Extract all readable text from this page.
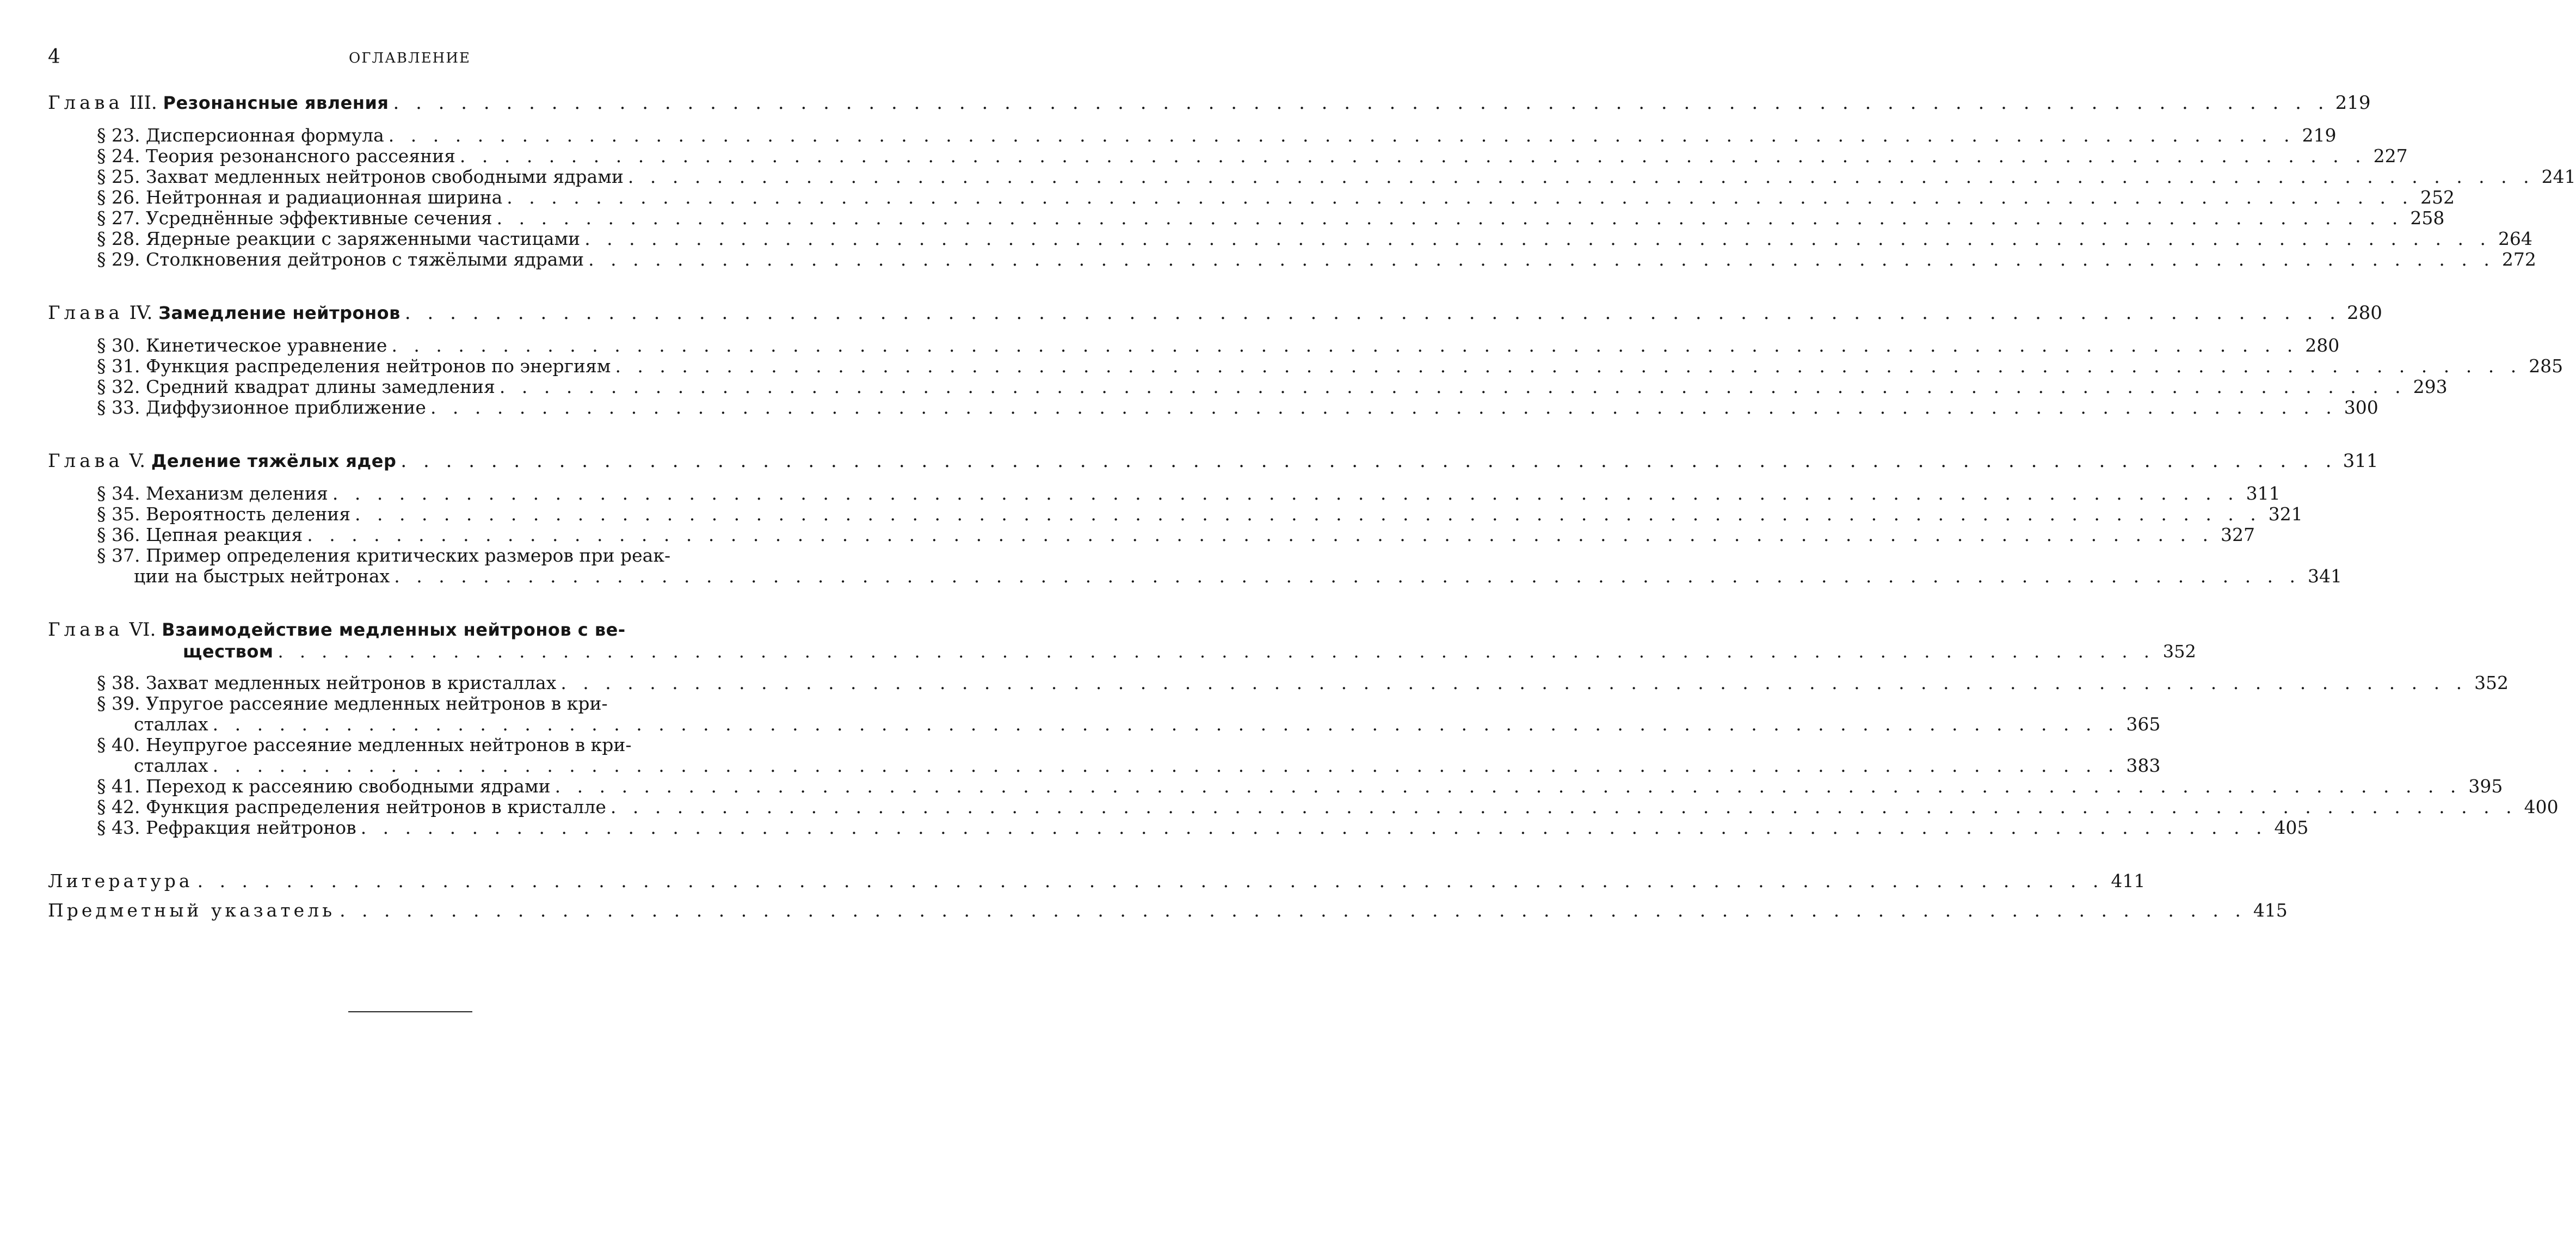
4	ОГЛАВЛЕНИЕ
Глава III. Резонансные явления . . .	219
§ 23. Дисперсионная формула . . .	219
§ 24. Теория резонансного рассеяния . . .	227
§ 25. Захват медленных нейтронов свободными ядрами . . .	241
§ 26. Нейтронная и радиационная ширина . . .	252
§ 27. Усреднённые эффективные сечения . . .	258
§ 28. Ядерные реакции с заряженными частицами . . .	264
§ 29. Столкновения дейтронов с тяжёлыми ядрами . . .	272
Глава IV. Замедление нейтронов . . .	280
§ 30. Кинетическое уравнение . . .	280
§ 31. Функция распределения нейтронов по энергиям . . .	285
§ 32. Средний квадрат длины замедления . . .	293
§ 33. Диффузионное приближение . . .	300
Глава V. Деление тяжёлых ядер . . .	311
§ 34. Механизм деления . . .	311
§ 35. Вероятность деления . . .	321
§ 36. Цепная реакция . . .	327
§ 37. Пример определения критических размеров при реак-
ции на быстрых нейтронах . . .	341
Глава VI. Взаимодействие медленных нейтронов с ве-
ществом . . .	352
§ 38. Захват медленных нейтронов в кристаллах . . .	352
§ 39. Упругое рассеяние медленных нейтронов в кри-
сталлах . . .	365
§ 40. Неупругое рассеяние медленных нейтронов в кри-
сталлах . . .	383
§ 41. Переход к рассеянию свободными ядрами . . .	395
§ 42. Функция распределения нейтронов в кристалле . . .	400
§ 43. Рефракция нейтронов . . .	405
Литература . . .	411
Предметный указатель . . .	415
